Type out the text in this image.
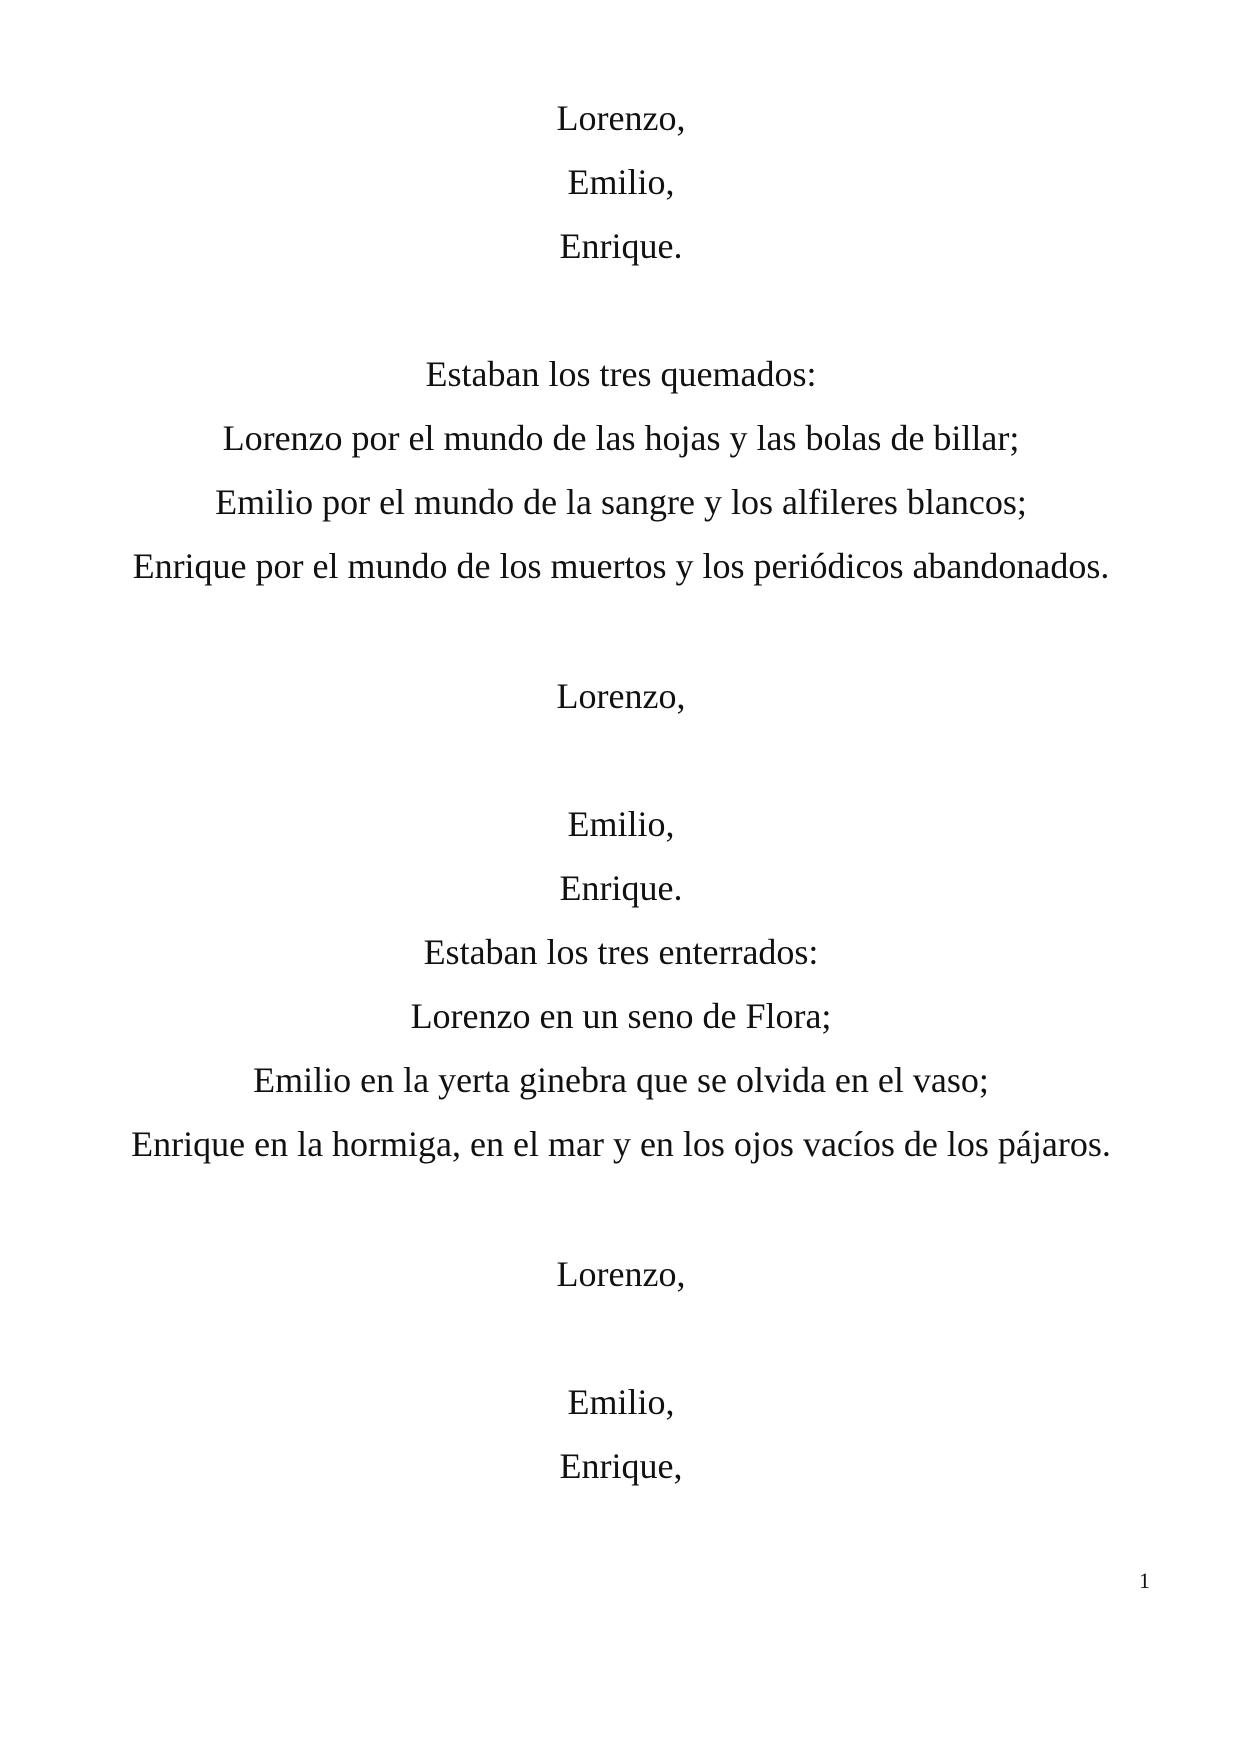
Lorenzo,
Emilio,
Enrique.
Estaban los tres quemados:
Lorenzo por el mundo de las hojas y las bolas de billar;
Emilio por el mundo de la sangre y los alfileres blancos;
Enrique por el mundo de los muertos y los periódicos abandonados.
Lorenzo,
Emilio,
Enrique.
Estaban los tres enterrados:
Lorenzo en un seno de Flora;
Emilio en la yerta ginebra que se olvida en el vaso;
Enrique en la hormiga, en el mar y en los ojos vacíos de los pájaros.
Lorenzo,
Emilio,
Enrique,
1
